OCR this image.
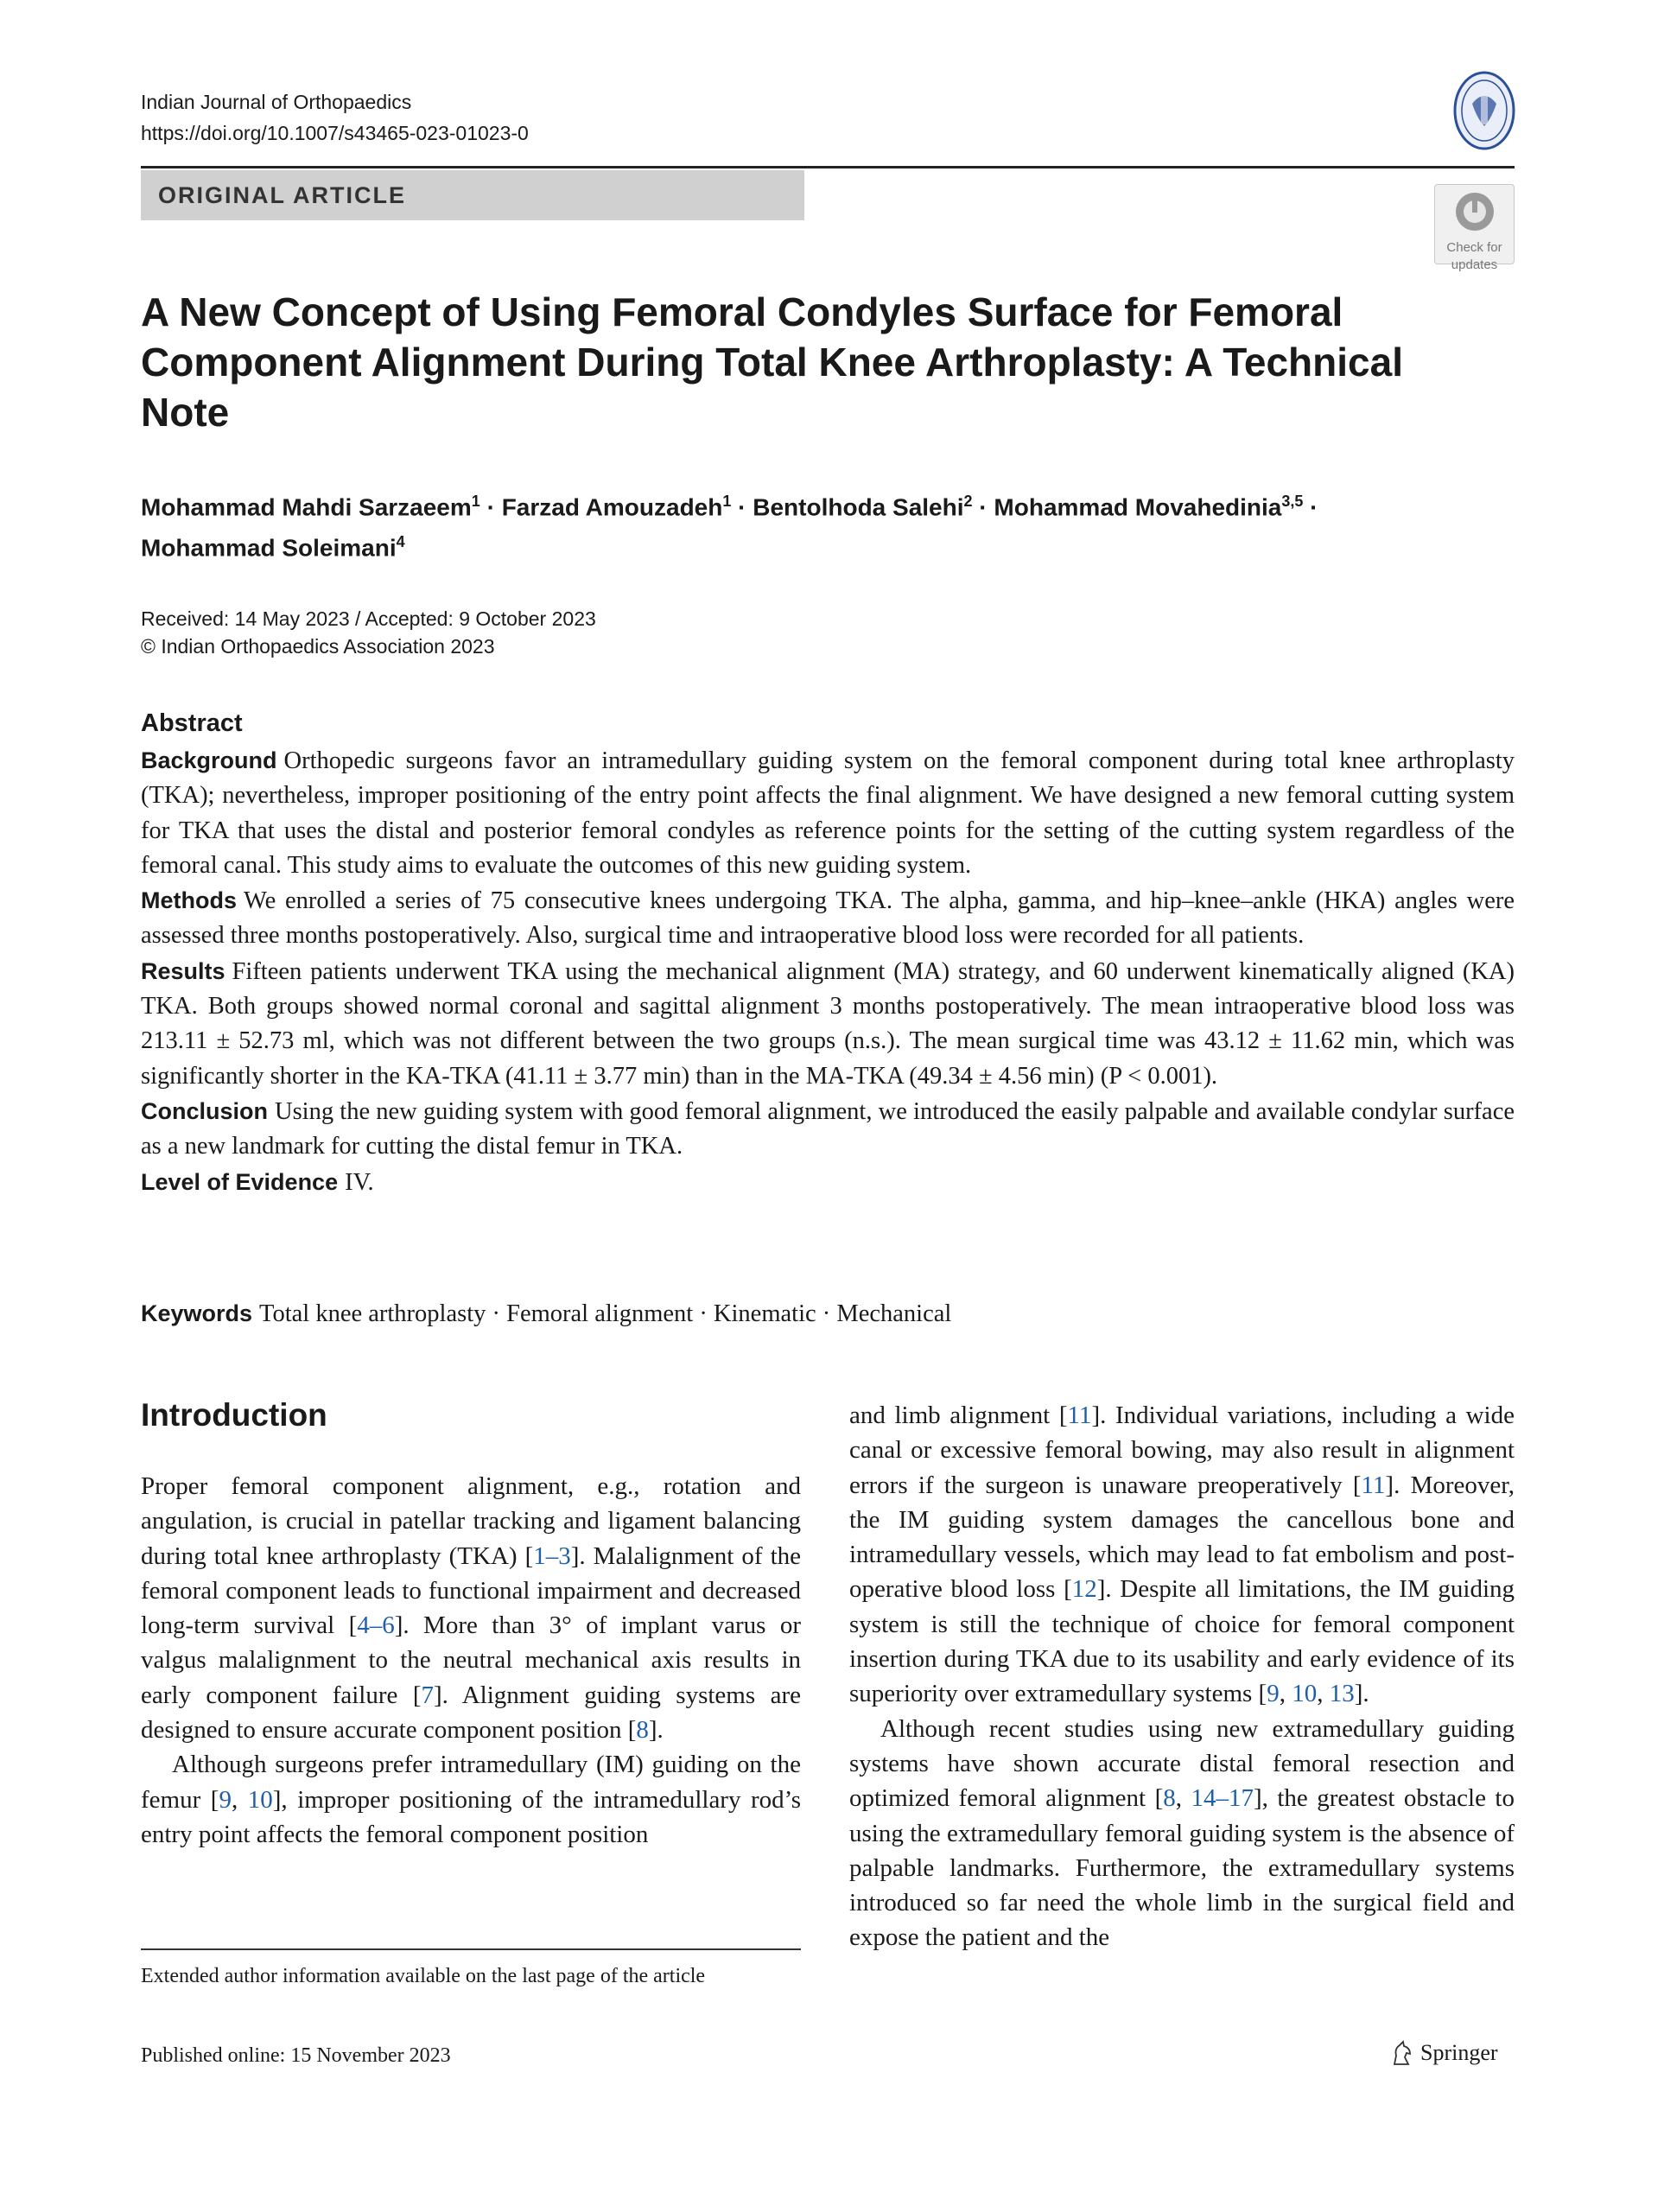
Indian Journal of Orthopaedics
https://doi.org/10.1007/s43465-023-01023-0
ORIGINAL ARTICLE
Check for
updates
A New Concept of Using Femoral Condyles Surface for Femoral Component Alignment During Total Knee Arthroplasty: A Technical Note
Mohammad Mahdi Sarzaeem$^1$ · Farzad Amouzadeh$^1$ · Bentolhoda Salehi$^2$ · Mohammad Movahedinia$^{3,5}$ ·
Mohammad Soleimani$^4$
Received: 14 May 2023 / Accepted: 9 October 2023
© Indian Orthopaedics Association 2023
Abstract

Background Orthopedic surgeons favor an intramedullary guiding system on the femoral component during total knee arthroplasty (TKA); nevertheless, improper positioning of the entry point affects the final alignment. We have designed a new femoral cutting system for TKA that uses the distal and posterior femoral condyles as reference points for the setting of the cutting system regardless of the femoral canal. This study aims to evaluate the outcomes of this new guiding system.

Methods We enrolled a series of 75 consecutive knees undergoing TKA. The alpha, gamma, and hip–knee–ankle (HKA) angles were assessed three months postoperatively. Also, surgical time and intraoperative blood loss were recorded for all patients.

Results Fifteen patients underwent TKA using the mechanical alignment (MA) strategy, and 60 underwent kinematically aligned (KA) TKA. Both groups showed normal coronal and sagittal alignment 3 months postoperatively. The mean intraoperative blood loss was 213.11 ± 52.73 ml, which was not different between the two groups (n.s.). The mean surgical time was 43.12 ± 11.62 min, which was significantly shorter in the KA-TKA (41.11 ± 3.77 min) than in the MA-TKA (49.34 ± 4.56 min) (P < 0.001).

Conclusion Using the new guiding system with good femoral alignment, we introduced the easily palpable and available condylar surface as a new landmark for cutting the distal femur in TKA.

Level of Evidence IV.

Keywords Total knee arthroplasty · Femoral alignment · Kinematic · Mechanical
Introduction

Proper femoral component alignment, e.g., rotation and angulation, is crucial in patellar tracking and ligament balancing during total knee arthroplasty (TKA) [1–3]. Malalignment of the femoral component leads to functional impairment and decreased long-term survival [4–6]. More than 3° of implant varus or valgus malalignment to the neutral mechanical axis results in early component failure [7]. Alignment guiding systems are designed to ensure accurate component position [8].

Although surgeons prefer intramedullary (IM) guiding on the femur [9, 10], improper positioning of the intramedullary rod’s entry point affects the femoral component position

and limb alignment [11]. Individual variations, including a wide canal or excessive femoral bowing, may also result in alignment errors if the surgeon is unaware preoperatively [11]. Moreover, the IM guiding system damages the cancellous bone and intramedullary vessels, which may lead to fat embolism and post-operative blood loss [12]. Despite all limitations, the IM guiding system is still the technique of choice for femoral component insertion during TKA due to its usability and early evidence of its superiority over extramedullary systems [9, 10, 13].

Although recent studies using new extramedullary guiding systems have shown accurate distal femoral resection and optimized femoral alignment [8, 14–17], the greatest obstacle to using the extramedullary femoral guiding system is the absence of palpable landmarks. Furthermore, the extramedullary systems introduced so far need the whole limb in the surgical field and expose the patient and the

Extended author information available on the last page of the article
Published online: 15 November 2023	Springer
